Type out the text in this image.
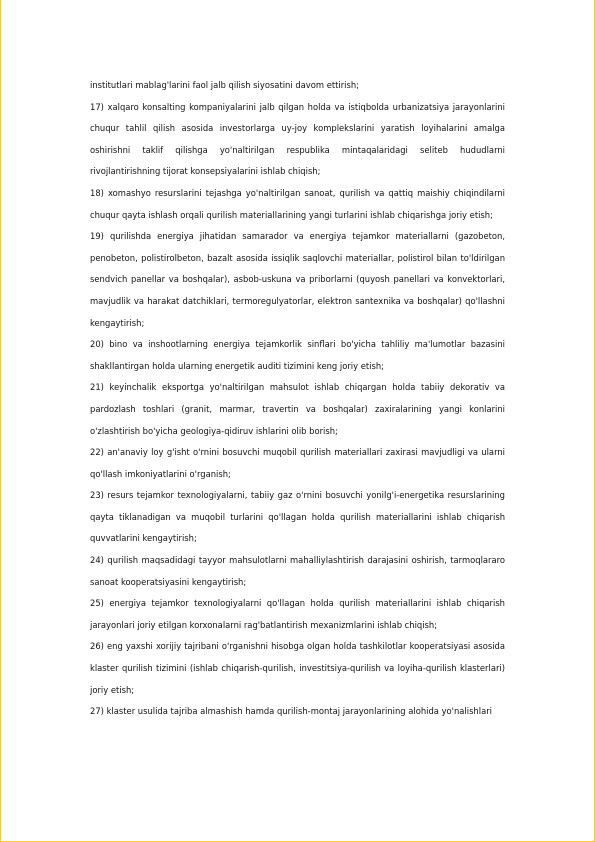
institutlari mablag'larini faol jalb qilish siyosatini davom ettirish;

17) xalqaro konsalting kompaniyalarini jalb qilgan holda va istiqbolda urbanizatsiya jarayonlarini chuqur tahlil qilish asosida investorlarga uy-joy komplekslarini yaratish loyihalarini amalga oshirishni taklif qilishga yo'naltirilgan respublika mintaqalaridagi seliteb hududlarni rivojlantirishning tijorat konsepsiyalarini ishlab chiqish;

18) xomashyo resurslarini tejashga yo'naltirilgan sanoat, qurilish va qattiq maishiy chiqindilarni chuqur qayta ishlash orqali qurilish materiallarining yangi turlarini ishlab chiqarishga joriy etish;

19) qurilishda energiya jihatidan samarador va energiya tejamkor materiallarni (gazobeton, penobeton, polistirolbeton, bazalt asosida issiqlik saqlovchi materiallar, polistirol bilan to'ldirilgan sendvich panellar va boshqalar), asbob-uskuna va priborlarni (quyosh panellari va konvektorlari, mavjudlik va harakat datchiklari, termoregulyatorlar, elektron santexnika va boshqalar) qo'llashni kengaytirish;

20) bino va inshootlarning energiya tejamkorlik sinflari bo'yicha tahliliy ma'lumotlar bazasini shakllantirgan holda ularning energetik auditi tizimini keng joriy etish;

21) keyinchalik eksportga yo'naltirilgan mahsulot ishlab chiqargan holda tabiiy dekorativ va pardozlash toshlari (granit, marmar, travertin va boshqalar) zaxiralarining yangi konlarini o'zlashtirish bo'yicha geologiya-qidiruv ishlarini olib borish;

22) an'anaviy loy g'isht o'rnini bosuvchi muqobil qurilish materiallari zaxirasi mavjudligi va ularni qo'llash imkoniyatlarini o'rganish;

23) resurs tejamkor texnologiyalarni, tabiiy gaz o'rnini bosuvchi yonilg'i-energetika resurslarining qayta tiklanadigan va muqobil turlarini qo'llagan holda qurilish materiallarini ishlab chiqarish quvvatlarini kengaytirish;

24) qurilish maqsadidagi tayyor mahsulotlarni mahalliylashtirish darajasini oshirish, tarmoqlararo sanoat kooperatsiyasini kengaytirish;

25) energiya tejamkor texnologiyalarni qo'llagan holda qurilish materiallarini ishlab chiqarish jarayonlari joriy etilgan korxonalarni rag'batlantirish mexanizmlarini ishlab chiqish;

26) eng yaxshi xorijiy tajribani o'rganishni hisobga olgan holda tashkilotlar kooperatsiyasi asosida klaster qurilish tizimini (ishlab chiqarish-qurilish, investitsiya-qurilish va loyiha-qurilish klasterlari) joriy etish;

27) klaster usulida tajriba almashish hamda qurilish-montaj jarayonlarining alohida yo'nalishlari
